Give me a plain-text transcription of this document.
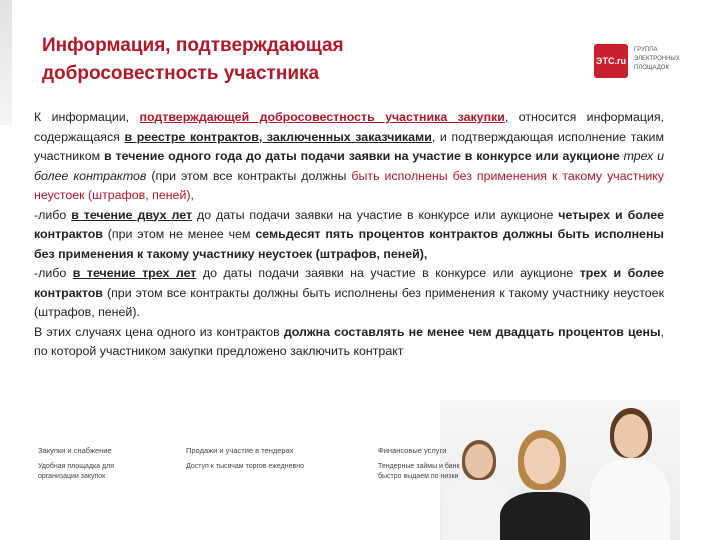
Информация, подтверждающая
добросовестность участника
ЭТС.ru
ГРУППА
ЭЛЕКТРОННЫХ
ПЛОЩАДОК

К информации, подтверждающей добросовестность участника закупки, относится информация, содержащаяся в реестре контрактов, заключенных заказчиками, и подтверждающая исполнение таким участником в течение одного года до даты подачи заявки на участие в конкурсе или аукционе трех и более контрактов (при этом все контракты должны быть исполнены без применения к такому участнику неустоек (штрафов, пеней),

-либо в течение двух лет до даты подачи заявки на участие в конкурсе или аукционе четырех и более контрактов (при этом не менее чем семьдесят пять процентов контрактов должны быть исполнены без применения к такому участнику неустоек (штрафов, пеней),

-либо в течение трех лет до даты подачи заявки на участие в конкурсе или аукционе трех и более контрактов (при этом все контракты должны быть исполнены без применения к такому участнику неустоек (штрафов, пеней).

В этих случаях цена одного из контрактов должна составлять не менее чем двадцать процентов цены, по которой участником закупки предложено заключить контракт

Закупки и снабжение
Удобная площадка для
организации закупок
Продажи и участие в тендерах
Доступ к тысячам торгов ежедневно
Финансовые услуги
Тендерные займы и банк
быстро выдаем по низки
